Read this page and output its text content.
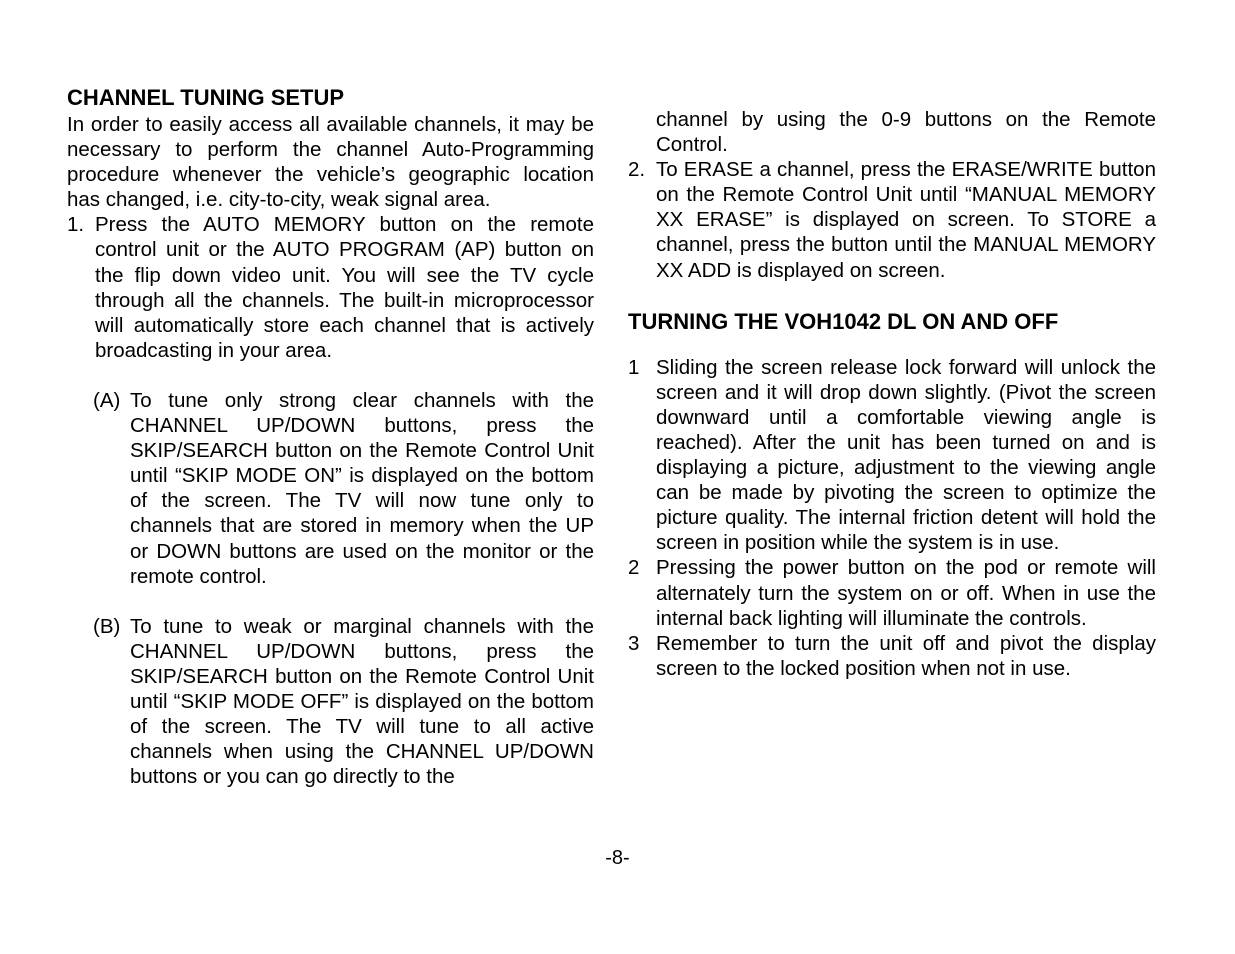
CHANNEL TUNING SETUP

In order to easily access all available channels, it may be necessary to perform the channel Auto-Programming procedure whenever the vehicle’s geographic location has changed, i.e. city-to-city, weak signal area.

1. Press the AUTO MEMORY button on the remote control unit or the AUTO PROGRAM (AP) button on the flip down video unit. You will see the TV cycle through all the channels. The built-in microprocessor will automatically store each channel that is actively broadcasting in your area.
(A) To tune only strong clear channels with the CHANNEL UP/DOWN buttons, press the SKIP/SEARCH button on the Remote Control Unit until “SKIP MODE ON” is displayed on the bottom of the screen. The TV will now tune only to channels that are stored in memory when the UP or DOWN buttons are used on the monitor or the remote control.
(B) To tune to weak or marginal channels with the CHANNEL UP/DOWN buttons, press the SKIP/SEARCH button on the Remote Control Unit until “SKIP MODE OFF” is displayed on the bottom of the screen. The TV will tune to all active channels when using the CHANNEL UP/DOWN buttons or you can go directly to the

channel by using the 0-9 buttons on the Remote Control.

2. To ERASE a channel, press the ERASE/WRITE button on the Remote Control Unit until “MANUAL MEMORY XX ERASE” is displayed on screen. To STORE a channel, press the button until the MANUAL MEMORY XX ADD is displayed on screen.
TURNING THE VOH1042 DL ON AND OFF
1 Sliding the screen release lock forward will unlock the screen and it will drop down slightly. (Pivot the screen downward until a comfortable viewing angle is reached). After the unit has been turned on and is displaying a picture, adjustment to the viewing angle can be made by pivoting the screen to optimize the picture quality. The internal friction detent will hold the screen in position while the system is in use.
2 Pressing the power button on the pod or remote will alternately turn the system on or off. When in use the internal back lighting will illuminate the controls.
3 Remember to turn the unit off and pivot the display screen to the locked position when not in use.
-8-
